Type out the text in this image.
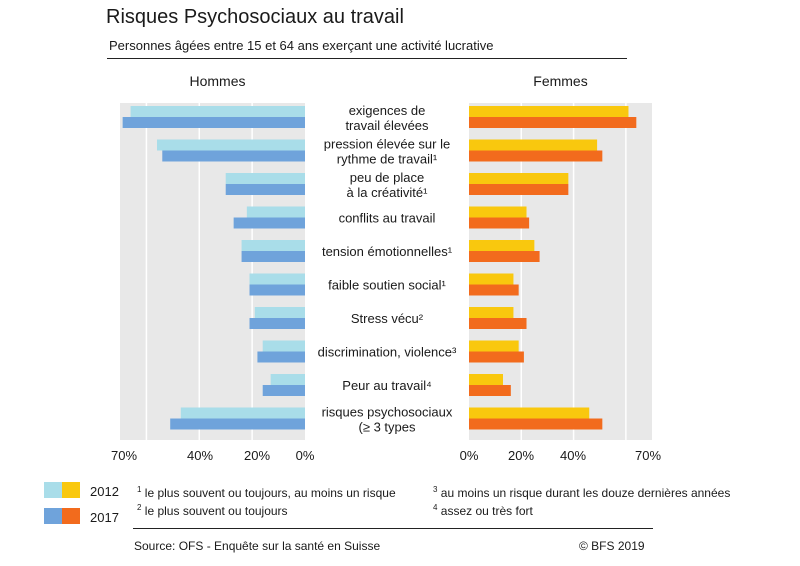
Risques Psychosociaux au travail
Personnes âgées entre 15 et 64 ans exerçant une activité lucrative
Hommes	Femmes
exigences de
travail élevées
pression élevée sur le
rythme de travail¹
peu de place
à la créativité¹
conflits au travail
tension émotionnelles¹
faible soutien social¹
Stress vécu²
discrimination, violence³
Peur au travail⁴
risques psychosociaux
(≥ 3 types
70%	40% 20% 0%	0% 20% 40%	70%
2012
2017
$^1$ le plus souvent ou toujours, au moins un risque
$^2$ le plus souvent ou toujours
$^3$ au moins un risque durant les douze dernières années
$^4$ assez ou très fort
Source: OFS - Enquête sur la santé en Suisse	© BFS 2019
